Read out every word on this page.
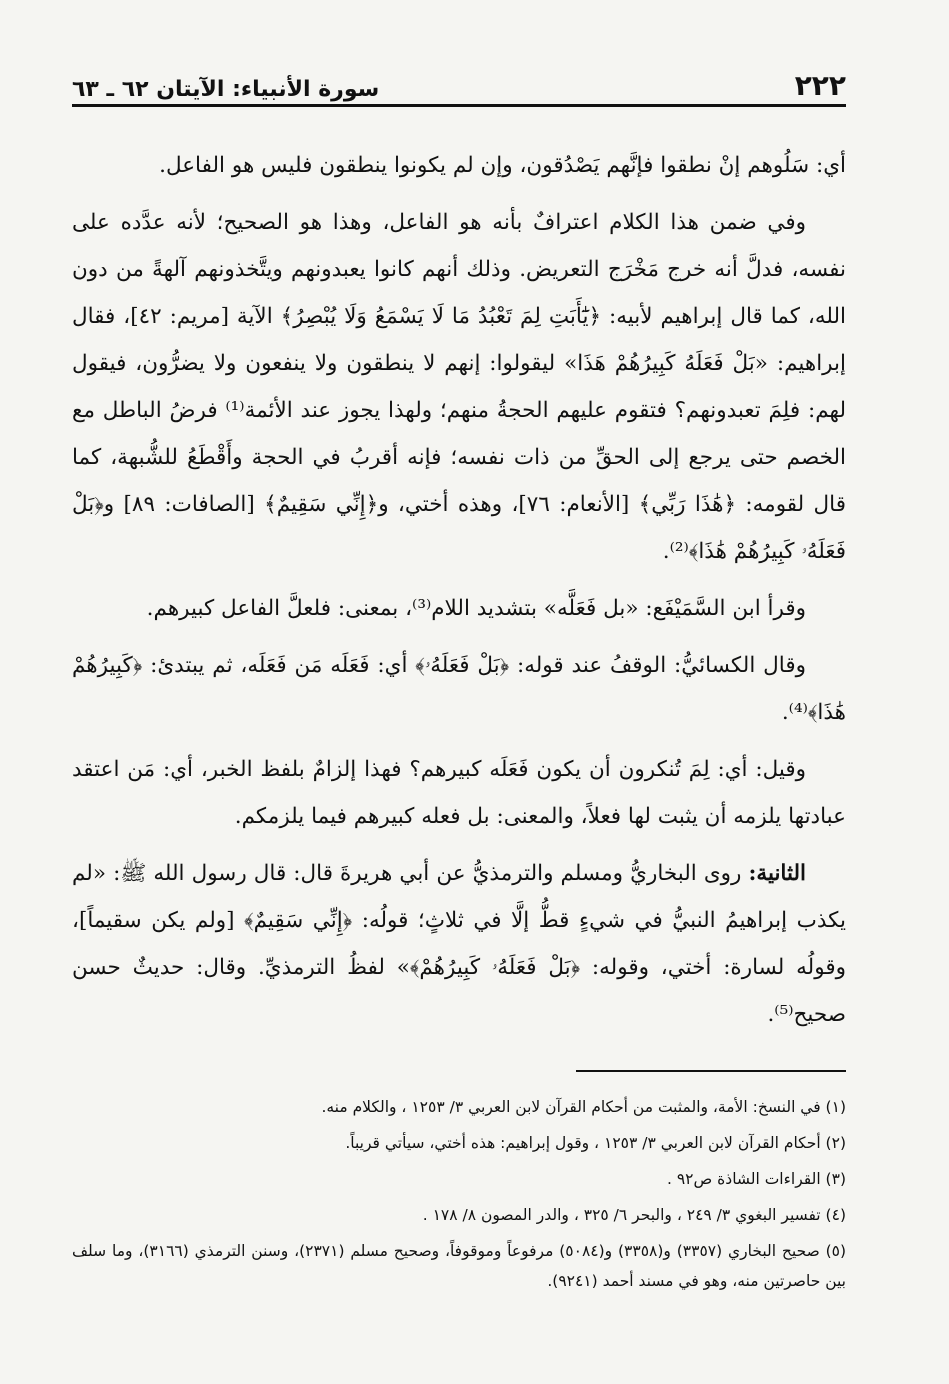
٢٢٢
سورة الأنبياء: الآيتان ٦٢ ـ ٦٣

أي: سَلُوهم إنْ نطقوا فإنَّهم يَصْدُقون، وإن لم يكونوا ينطقون فليس هو الفاعل.

وفي ضمن هذا الكلام اعترافٌ بأنه هو الفاعل، وهذا هو الصحيح؛ لأنه عدَّده على نفسه، فدلَّ أنه خرج مَخْرَج التعريض. وذلك أنهم كانوا يعبدونهم ويتَّخذونهم آلهةً من دون الله، كما قال إبراهيم لأبيه: ﴿يَٰٓأَبَتِ لِمَ تَعْبُدُ مَا لَا يَسْمَعُ وَلَا يُبْصِرُ﴾ الآية [مريم: ٤٢]، فقال إبراهيم: «بَلْ فَعَلَهُ كَبِيرُهُمْ هَذَا» ليقولوا: إنهم لا ينطقون ولا ينفعون ولا يضرُّون، فيقول لهم: فلِمَ تعبدونهم؟ فتقوم عليهم الحجةُ منهم؛ ولهذا يجوز عند الأئمة⁽¹⁾ فرضُ الباطل مع الخصم حتى يرجع إلى الحقِّ من ذات نفسه؛ فإنه أقربُ في الحجة وأَقْطَعُ للشُّبهة، كما قال لقومه: ﴿هَٰذَا رَبِّي﴾ [الأنعام: ٧٦]، وهذه أختي، و﴿إِنِّي سَقِيمٌ﴾ [الصافات: ٨٩] و﴿بَلْ فَعَلَهُۥ كَبِيرُهُمْ هَٰذَا﴾⁽²⁾.

وقرأ ابن السَّمَيْفَع: «بل فَعَلَّه» بتشديد اللام⁽³⁾، بمعنى: فلعلَّ الفاعل كبيرهم.

وقال الكسائيُّ: الوقفُ عند قوله: ﴿بَلْ فَعَلَهُۥ﴾ أي: فَعَلَه مَن فَعَلَه، ثم يبتدئ: ﴿كَبِيرُهُمْ هَٰذَا﴾⁽⁴⁾.

وقيل: أي: لِمَ تُنكرون أن يكون فَعَلَه كبيرهم؟ فهذا إلزامٌ بلفظ الخبر، أي: مَن اعتقد عبادتها يلزمه أن يثبت لها فعلاً، والمعنى: بل فعله كبيرهم فيما يلزمكم.

الثانية: روى البخاريُّ ومسلم والترمذيُّ عن أبي هريرةَ قال: قال رسول الله ﷺ: «لم يكذب إبراهيمُ النبيُّ في شيءٍ قطُّ إلَّا في ثلاثٍ؛ قولُه: ﴿إِنِّي سَقِيمٌ﴾ [ولم يكن سقيماً]، وقولُه لسارة: أختي، وقوله: ﴿بَلْ فَعَلَهُۥ كَبِيرُهُمْ﴾» لفظُ الترمذيِّ. وقال: حديثٌ حسن صحيح⁽⁵⁾.

(١) في النسخ: الأمة، والمثبت من أحكام القرآن لابن العربي ٣/ ١٢٥٣ ، والكلام منه.

(٢) أحكام القرآن لابن العربي ٣/ ١٢٥٣ ، وقول إبراهيم: هذه أختي، سيأتي قريباً.

(٣) القراءات الشاذة ص٩٢ .

(٤) تفسير البغوي ٣/ ٢٤٩ ، والبحر ٦/ ٣٢٥ ، والدر المصون ٨/ ١٧٨ .

(٥) صحيح البخاري (٣٣٥٧) و(٣٣٥٨) و(٥٠٨٤) مرفوعاً وموقوفاً، وصحيح مسلم (٢٣٧١)، وسنن الترمذي (٣١٦٦)، وما سلف بين حاصرتين منه، وهو في مسند أحمد (٩٢٤١).
